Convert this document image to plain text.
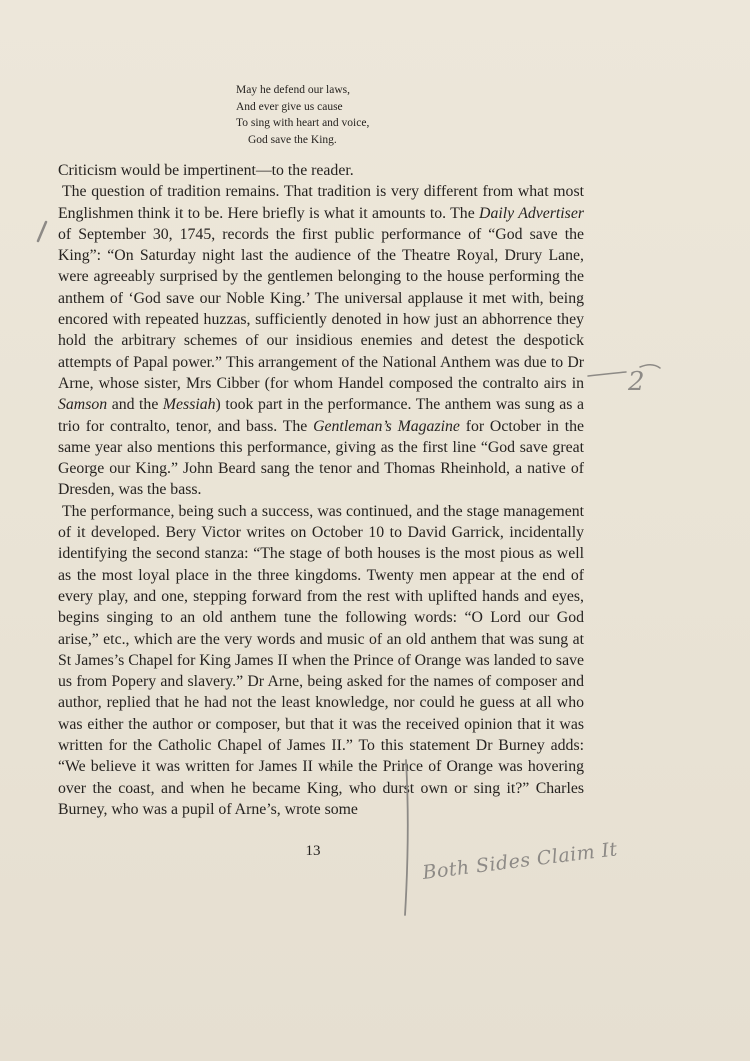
May he defend our laws,
And ever give us cause
To sing with heart and voice,
God save the King.

Criticism would be impertinent—to the reader.

The question of tradition remains. That tradition is very different from what most Englishmen think it to be. Here briefly is what it amounts to. The Daily Advertiser of September 30, 1745, records the first public performance of “God save the King”: “On Saturday night last the audience of the Theatre Royal, Drury Lane, were agreeably surprised by the gentlemen belonging to the house performing the anthem of ‘God save our Noble King.’ The universal applause it met with, being encored with repeated huzzas, sufficiently denoted in how just an abhorrence they hold the arbitrary schemes of our insidious enemies and detest the despotick attempts of Papal power.” This arrangement of the National Anthem was due to Dr Arne, whose sister, Mrs Cibber (for whom Handel composed the contralto airs in Samson and the Messiah) took part in the performance. The anthem was sung as a trio for contralto, tenor, and bass. The Gentleman’s Magazine for October in the same year also mentions this performance, giving as the first line “God save great George our King.” John Beard sang the tenor and Thomas Rheinhold, a native of Dresden, was the bass.

The performance, being such a success, was continued, and the stage management of it developed. Bery Victor writes on October 10 to David Garrick, incidentally identifying the second stanza: “The stage of both houses is the most pious as well as the most loyal place in the three kingdoms. Twenty men appear at the end of every play, and one, stepping forward from the rest with uplifted hands and eyes, begins singing to an old anthem tune the following words: “O Lord our God arise,” etc., which are the very words and music of an old anthem that was sung at St James’s Chapel for King James II when the Prince of Orange was landed to save us from Popery and slavery.” Dr Arne, being asked for the names of composer and author, replied that he had not the least knowledge, nor could he guess at all who was either the author or composer, but that it was the received opinion that it was written for the Catholic Chapel of James II.” To this statement Dr Burney adds: “We believe it was written for James II while the Prince of Orange was hovering over the coast, and when he became King, who durst own or sing it?” Charles Burney, who was a pupil of Arne’s, wrote some

13
2
Both Sides Claim It
